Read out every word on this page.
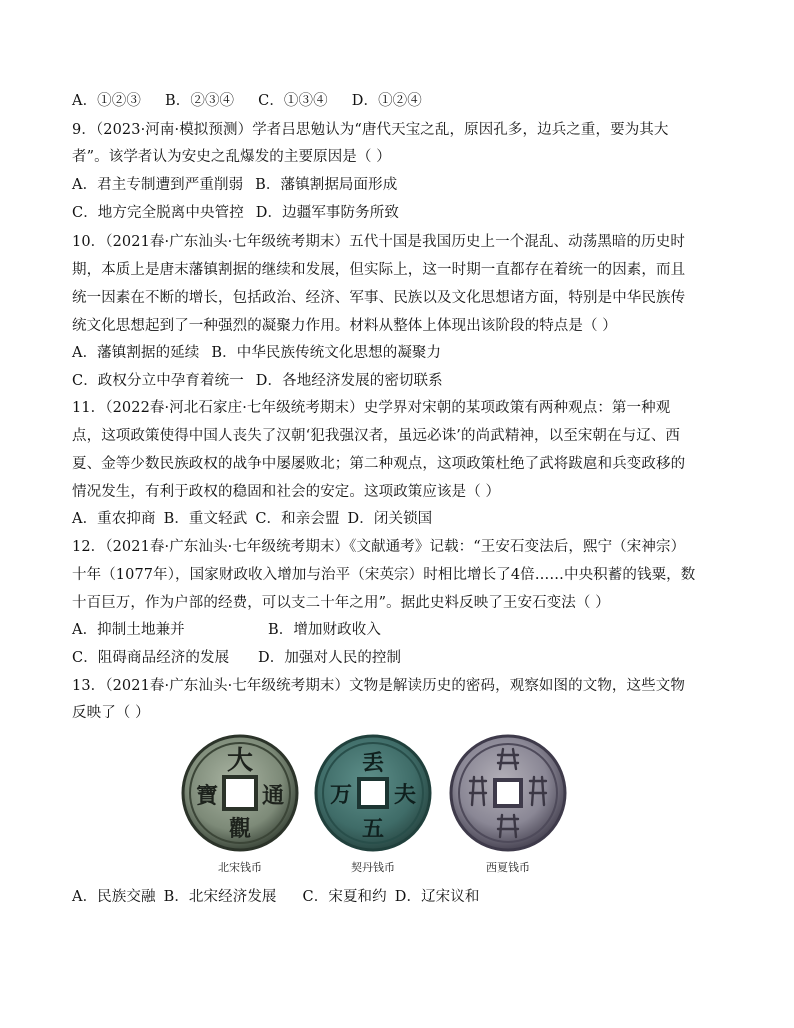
A．①②③ B．②③④ C．①③④ D．①②④
9．（2023·河南·模拟预测）学者吕思勉认为“唐代天宝之乱，原因孔多，边兵之重，要为其大
者”。该学者认为安史之乱爆发的主要原因是（ ）
A．君主专制遭到严重削弱 B．藩镇割据局面形成
C．地方完全脱离中央管控 D．边疆军事防务所致
10．（2021春·广东汕头·七年级统考期末）五代十国是我国历史上一个混乱、动荡黑暗的历史时
期，本质上是唐末藩镇割据的继续和发展，但实际上，这一时期一直都存在着统一的因素，而且
统一因素在不断的增长，包括政治、经济、军事、民族以及文化思想诸方面，特别是中华民族传
统文化思想起到了一种强烈的凝聚力作用。材料从整体上体现出该阶段的特点是（ ）
A．藩镇割据的延续 B．中华民族传统文化思想的凝聚力
C．政权分立中孕育着统一 D．各地经济发展的密切联系
11．（2022春·河北石家庄·七年级统考期末）史学界对宋朝的某项政策有两种观点：第一种观
点，这项政策使得中国人丧失了汉朝‘犯我强汉者，虽远必诛’的尚武精神，以至宋朝在与辽、西
夏、金等少数民族政权的战争中屡屡败北；第二种观点，这项政策杜绝了武将跋扈和兵变政移的
情况发生，有利于政权的稳固和社会的安定。这项政策应该是（ ）
A．重农抑商 B．重文轻武 C．和亲会盟 D．闭关锁国
12．（2021春·广东汕头·七年级统考期末）《文献通考》记载：“王安石变法后，熙宁（宋神宗）
十年（1077年），国家财政收入增加与治平（宋英宗）时相比增长了4倍……中央积蓄的钱粟，数
十百巨万，作为户部的经费，可以支二十年之用”。据此史料反映了王安石变法（ ）
A．抑制土地兼并	B．增加财政收入
C．阻碍商品经济的发展 D．加强对人民的控制
13．（2021春·广东汕头·七年级统考期末）文物是解读历史的密码，观察如图的文物，这些文物
反映了（ ）
大
通
觀
寶
北宋钱币
丢
夫
五
万
契丹钱币	西夏钱币
A．民族交融 B．北宋经济发展 C．宋夏和约 D．辽宋议和
